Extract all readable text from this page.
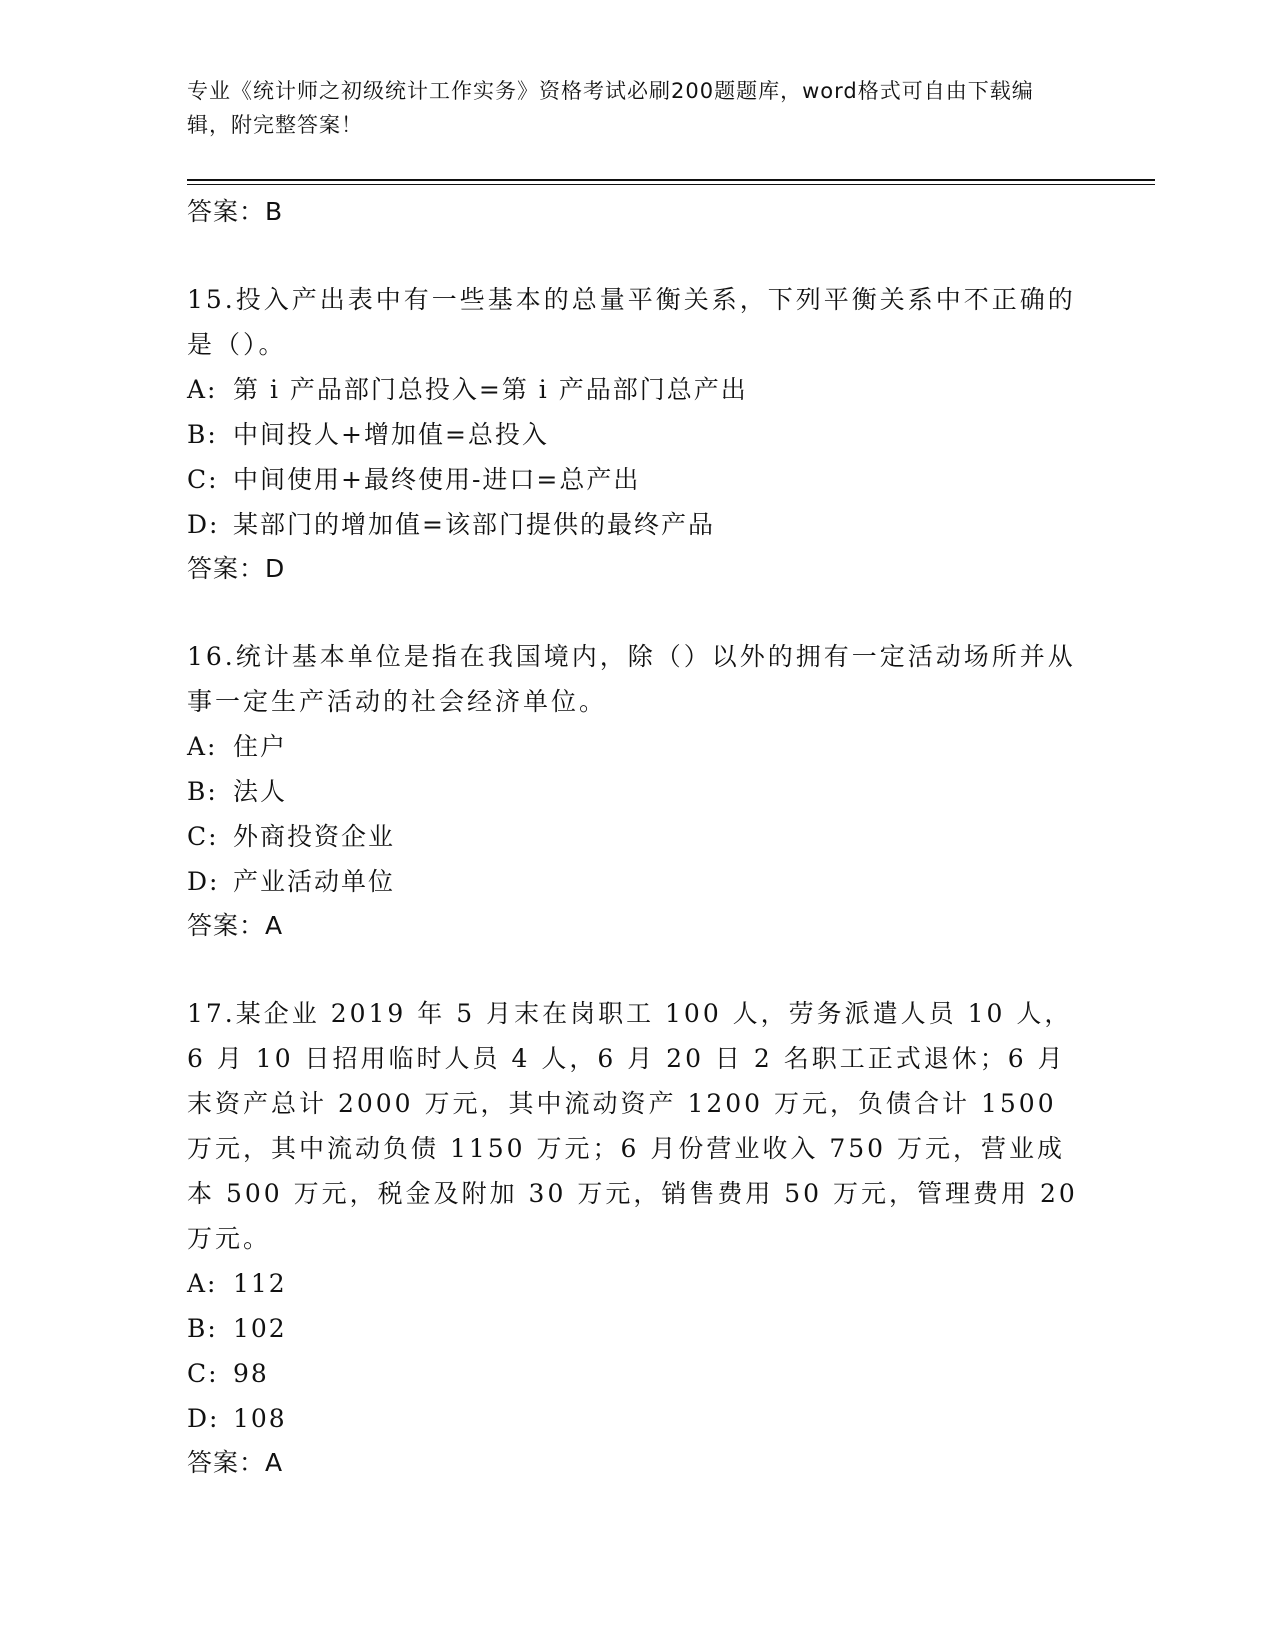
专业《统计师之初级统计工作实务》资格考试必刷200题题库，word格式可自由下载编辑，附完整答案！

答案：B

15.投入产出表中有一些基本的总量平衡关系，下列平衡关系中不正确的是（）。

A: 第 i 产品部门总投入=第 i 产品部门总产出

B: 中间投人+增加值=总投入

C: 中间使用+最终使用-进口=总产出

D: 某部门的增加值=该部门提供的最终产品

答案：D

16.统计基本单位是指在我国境内，除（）以外的拥有一定活动场所并从事一定生产活动的社会经济单位。

A: 住户

B: 法人

C: 外商投资企业

D: 产业活动单位

答案：A

17.某企业 2019 年 5 月末在岗职工 100 人，劳务派遣人员 10 人，6 月 10 日招用临时人员 4 人，6 月 20 日 2 名职工正式退休；6 月末资产总计 2000 万元，其中流动资产 1200 万元，负债合计 1500 万元，其中流动负债 1150 万元；6 月份营业收入 750 万元，营业成本 500 万元，税金及附加 30 万元，销售费用 50 万元，管理费用 20 万元。

A: 112

B: 102

C: 98

D: 108

答案：A
